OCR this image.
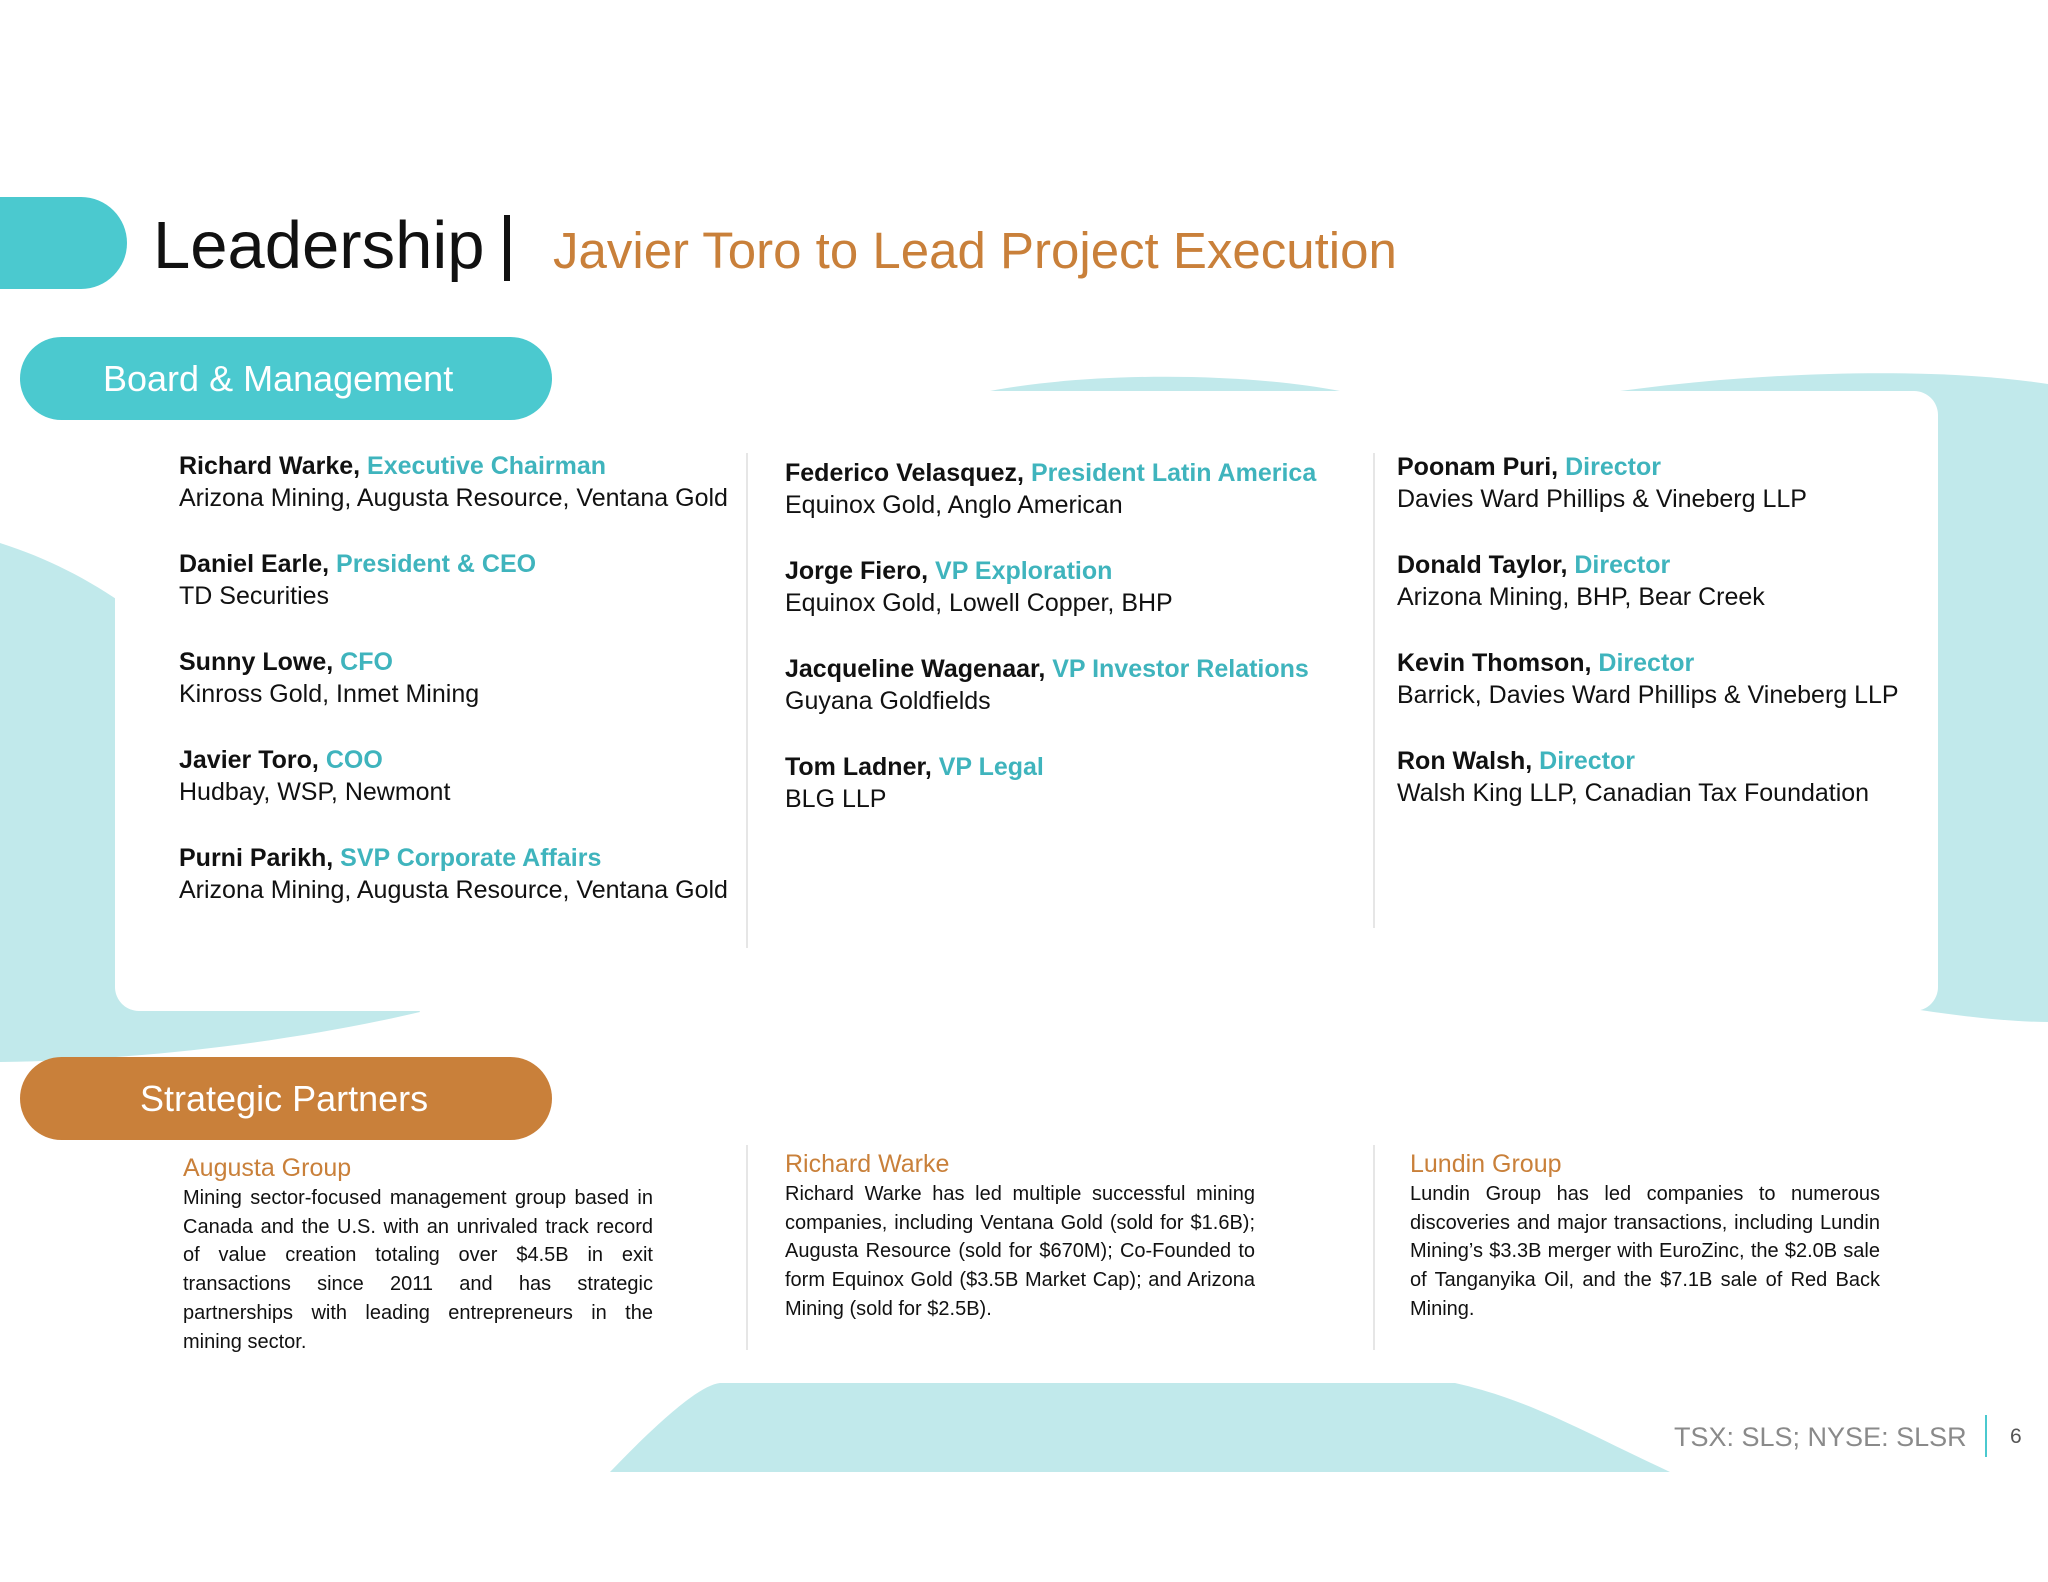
Leadership Javier Toro to Lead Project Execution
Board & Management
Richard Warke, Executive Chairman
Arizona Mining, Augusta Resource, Ventana Gold
Daniel Earle, President & CEO
TD Securities
Sunny Lowe, CFO
Kinross Gold, Inmet Mining
Javier Toro, COO
Hudbay, WSP, Newmont
Purni Parikh, SVP Corporate Affairs
Arizona Mining, Augusta Resource, Ventana Gold
Federico Velasquez, President Latin America
Equinox Gold, Anglo American
Jorge Fiero, VP Exploration
Equinox Gold, Lowell Copper, BHP
Jacqueline Wagenaar, VP Investor Relations
Guyana Goldfields
Tom Ladner, VP Legal
BLG LLP
Poonam Puri, Director
Davies Ward Phillips & Vineberg LLP
Donald Taylor, Director
Arizona Mining, BHP, Bear Creek
Kevin Thomson, Director
Barrick, Davies Ward Phillips & Vineberg LLP
Ron Walsh, Director
Walsh King LLP, Canadian Tax Foundation
Strategic Partners
Augusta Group
Mining sector-focused management group based in Canada and the U.S. with an unrivaled track record of value creation totaling over $4.5B in exit transactions since 2011 and has strategic partnerships with leading entrepreneurs in the mining sector.
Richard Warke
Richard Warke has led multiple successful mining companies, including Ventana Gold (sold for $1.6B); Augusta Resource (sold for $670M); Co-Founded to form Equinox Gold ($3.5B Market Cap); and Arizona Mining (sold for $2.5B).
Lundin Group
Lundin Group has led companies to numerous discoveries and major transactions, including Lundin Mining’s $3.3B merger with EuroZinc, the $2.0B sale of Tanganyika Oil, and the $7.1B sale of Red Back Mining.
TSX: SLS; NYSE: SLSR 6
